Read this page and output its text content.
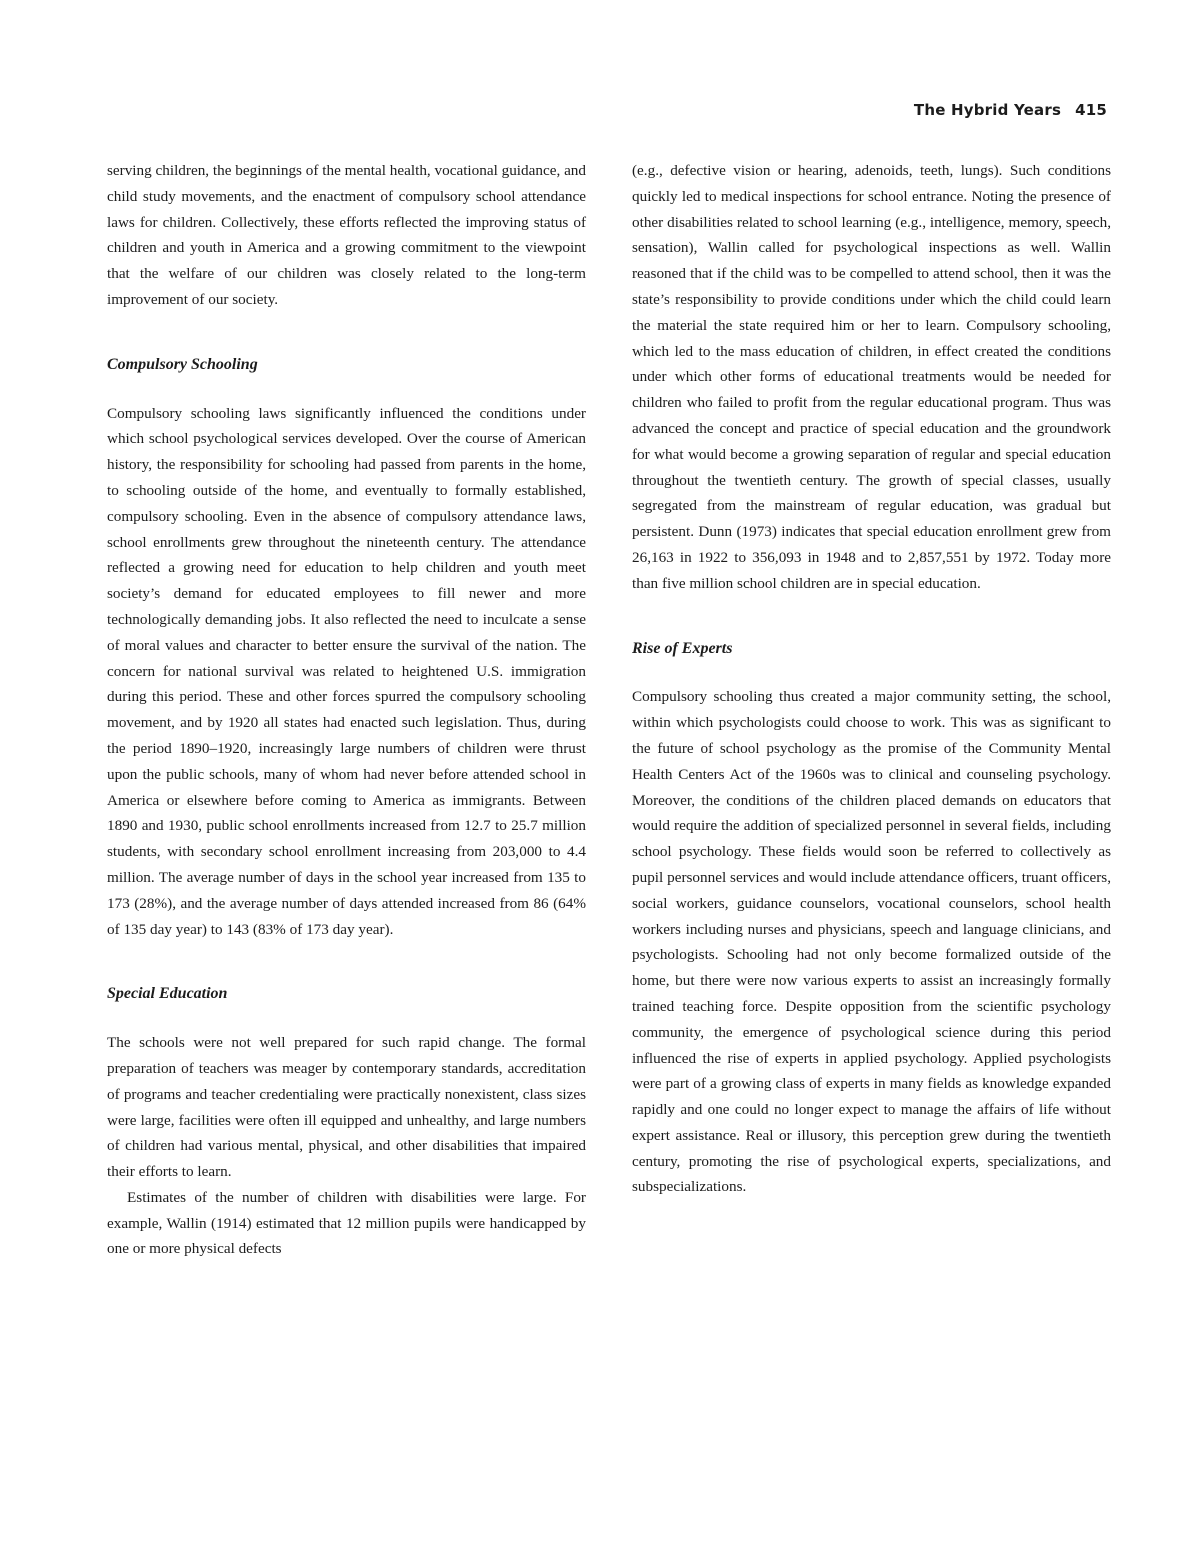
The Hybrid Years 415

serving children, the beginnings of the mental health, vocational guidance, and child study movements, and the enactment of compulsory school attendance laws for children. Collectively, these efforts reflected the improving status of children and youth in America and a growing commitment to the viewpoint that the welfare of our children was closely related to the long-term improvement of our society.

Compulsory Schooling

Compulsory schooling laws significantly influenced the conditions under which school psychological services developed. Over the course of American history, the responsibility for schooling had passed from parents in the home, to schooling outside of the home, and eventually to formally established, compulsory schooling. Even in the absence of compulsory attendance laws, school enrollments grew throughout the nineteenth century. The attendance reflected a growing need for education to help children and youth meet society’s demand for educated employees to fill newer and more technologically demanding jobs. It also reflected the need to inculcate a sense of moral values and character to better ensure the survival of the nation. The concern for national survival was related to heightened U.S. immigration during this period. These and other forces spurred the compulsory schooling movement, and by 1920 all states had enacted such legislation. Thus, during the period 1890–1920, increasingly large numbers of children were thrust upon the public schools, many of whom had never before attended school in America or elsewhere before coming to America as immigrants. Between 1890 and 1930, public school enrollments increased from 12.7 to 25.7 million students, with secondary school enrollment increasing from 203,000 to 4.4 million. The average number of days in the school year increased from 135 to 173 (28%), and the average number of days attended increased from 86 (64% of 135 day year) to 143 (83% of 173 day year).

Special Education

The schools were not well prepared for such rapid change. The formal preparation of teachers was meager by contemporary standards, accreditation of programs and teacher credentialing were practically nonexistent, class sizes were large, facilities were often ill equipped and unhealthy, and large numbers of children had various mental, physical, and other disabilities that impaired their efforts to learn.

Estimates of the number of children with disabilities were large. For example, Wallin (1914) estimated that 12 million pupils were handicapped by one or more physical defects

(e.g., defective vision or hearing, adenoids, teeth, lungs). Such conditions quickly led to medical inspections for school entrance. Noting the presence of other disabilities related to school learning (e.g., intelligence, memory, speech, sensation), Wallin called for psychological inspections as well. Wallin reasoned that if the child was to be compelled to attend school, then it was the state’s responsibility to provide conditions under which the child could learn the material the state required him or her to learn. Compulsory schooling, which led to the mass education of children, in effect created the conditions under which other forms of educational treatments would be needed for children who failed to profit from the regular educational program. Thus was advanced the concept and practice of special education and the groundwork for what would become a growing separation of regular and special education throughout the twentieth century. The growth of special classes, usually segregated from the mainstream of regular education, was gradual but persistent. Dunn (1973) indicates that special education enrollment grew from 26,163 in 1922 to 356,093 in 1948 and to 2,857,551 by 1972. Today more than five million school children are in special education.

Rise of Experts

Compulsory schooling thus created a major community setting, the school, within which psychologists could choose to work. This was as significant to the future of school psychology as the promise of the Community Mental Health Centers Act of the 1960s was to clinical and counseling psychology. Moreover, the conditions of the children placed demands on educators that would require the addition of specialized personnel in several fields, including school psychology. These fields would soon be referred to collectively as pupil personnel services and would include attendance officers, truant officers, social workers, guidance counselors, vocational counselors, school health workers including nurses and physicians, speech and language clinicians, and psychologists. Schooling had not only become formalized outside of the home, but there were now various experts to assist an increasingly formally trained teaching force. Despite opposition from the scientific psychology community, the emergence of psychological science during this period influenced the rise of experts in applied psychology. Applied psychologists were part of a growing class of experts in many fields as knowledge expanded rapidly and one could no longer expect to manage the affairs of life without expert assistance. Real or illusory, this perception grew during the twentieth century, promoting the rise of psychological experts, specializations, and subspecializations.
